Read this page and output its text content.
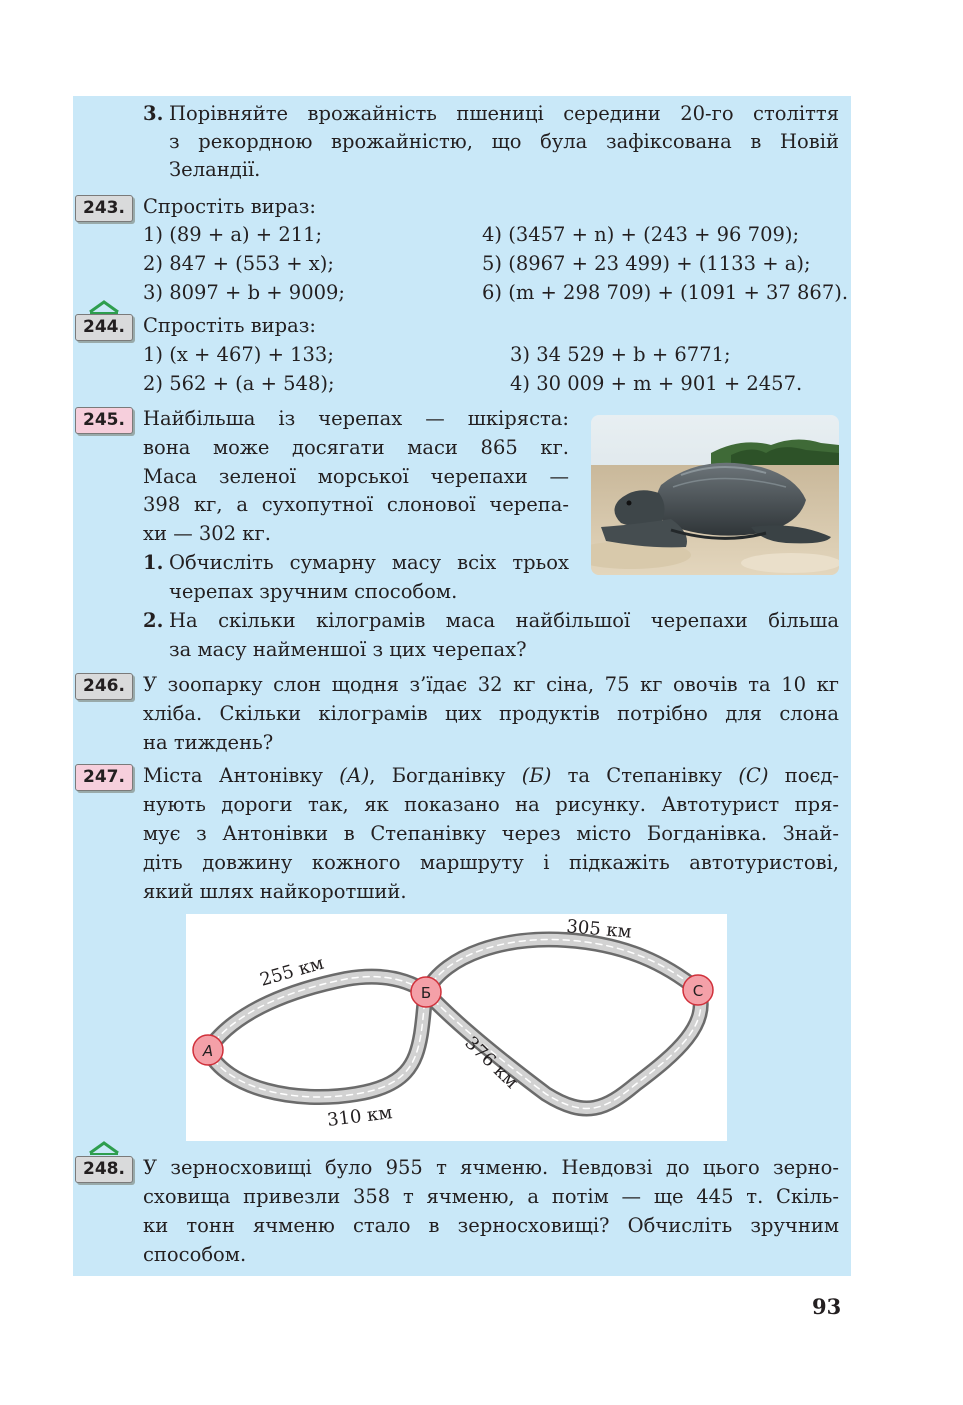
3. Порівняйте врожайність пшениці середини 20-го століття
з рекордною врожайністю, що була зафіксована в Новій
Зеландії.
243. Спростіть вираз:
1) (89 + a) + 211;
2) 847 + (553 + x);
3) 8097 + b + 9009;
4) (3457 + n) + (243 + 96 709);
5) (8967 + 23 499) + (1133 + a);
6) (m + 298 709) + (1091 + 37 867).
244. Спростіть вираз:
1) (x + 467) + 133;
2) 562 + (a + 548);
3) 34 529 + b + 6771;
4) 30 009 + m + 901 + 2457.
245. Найбільша із черепах — шкіряста:
вона може досягати маси 865 кг.
Маса зеленої морської черепахи —
398 кг, а сухопутної слонової черепа-
хи — 302 кг.
1. Обчисліть сумарну масу всіх трьох
черепах зручним способом.
2. На скільки кілограмів маса найбільшої черепахи більша
за масу найменшої з цих черепах?
246. У зоопарку слон щодня з’їдає 32 кг сіна, 75 кг овочів та 10 кг
хліба. Скільки кілограмів цих продуктів потрібно для слона
на тиждень?
247. Міста Антонівку (А), Богданівку (Б) та Степанівку (С) поєд-
нують дороги так, як показано на рисунку. Автотурист пря-
мує з Антонівки в Степанівку через місто Богданівка. Знай-
діть довжину кожного маршруту і підкажіть автотуристові,
який шлях найкоротший.
А
Б	С
255 км
310 км
305 км
376 км
248. У зерносховищі було 955 т ячменю. Невдовзі до цього зерно-
сховища привезли 358 т ячменю, а потім — ще 445 т. Скіль-
ки тонн ячменю стало в зерносховищі? Обчисліть зручним
способом.
93
